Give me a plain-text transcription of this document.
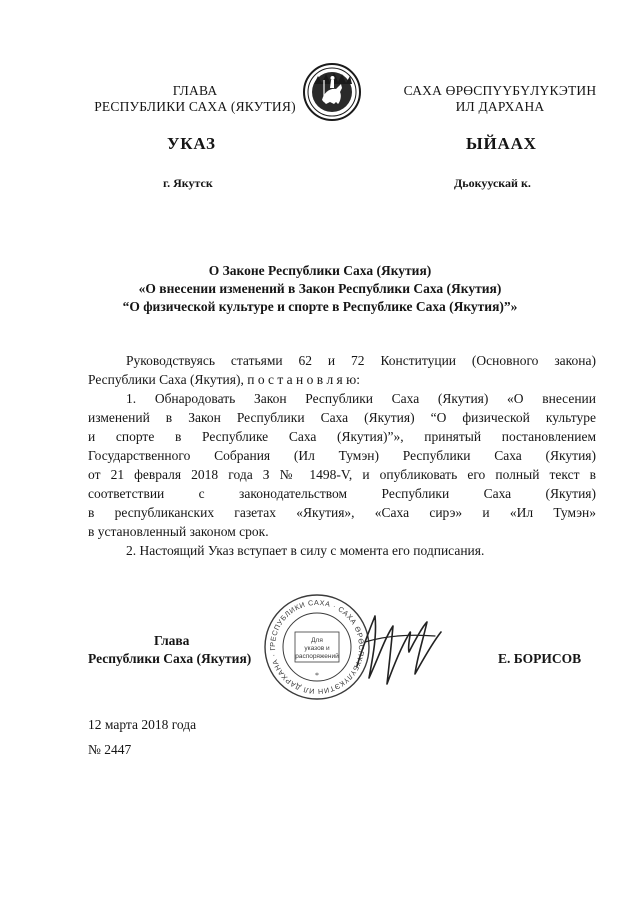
ГЛАВА
РЕСПУБЛИКИ САХА (ЯКУТИЯ)
САХА ӨРӨСПҮҮБҮЛҮКЭТИН
ИЛ ДАРХАНА
УКАЗ	ЫЙААХ
г. Якутск	Дьокуускай к.
О Законе Республики Саха (Якутия)
«О внесении изменений в Закон Республики Саха (Якутия)
“О физической культуре и спорте в Республике Саха (Якутия)”»

Руководствуясь статьями 62 и 72 Конституции (Основного закона)

Республики Саха (Якутия), п о с т а н о в л я ю:

1. Обнародовать Закон Республики Саха (Якутия) «О внесении

изменений в Закон Республики Саха (Якутия) “О физической культуре

и спорте в Республике Саха (Якутия)”», принятый постановлением

Государственного Собрания (Ил Тумэн) Республики Саха (Якутия)

от 21 февраля 2018 года З № 1498-V, и опубликовать его полный текст в

соответствии с законодательством Республики Саха (Якутия)

в республиканских газетах «Якутия», «Саха сирэ» и «Ил Тумэн»

в установленный законом срок.

2. Настоящий Указ вступает в силу с момента его подписания.

РЕСПУБЛИКИ САХА · САХА ӨРӨСПҮҮБҮЛҮКЭТИН ИЛ ДАРХАНА · ГЛАВА
Для
указов и
распоряжений
*
Глава
Республики Саха (Якутия)	Е. БОРИСОВ
12 марта 2018 года
№ 2447
